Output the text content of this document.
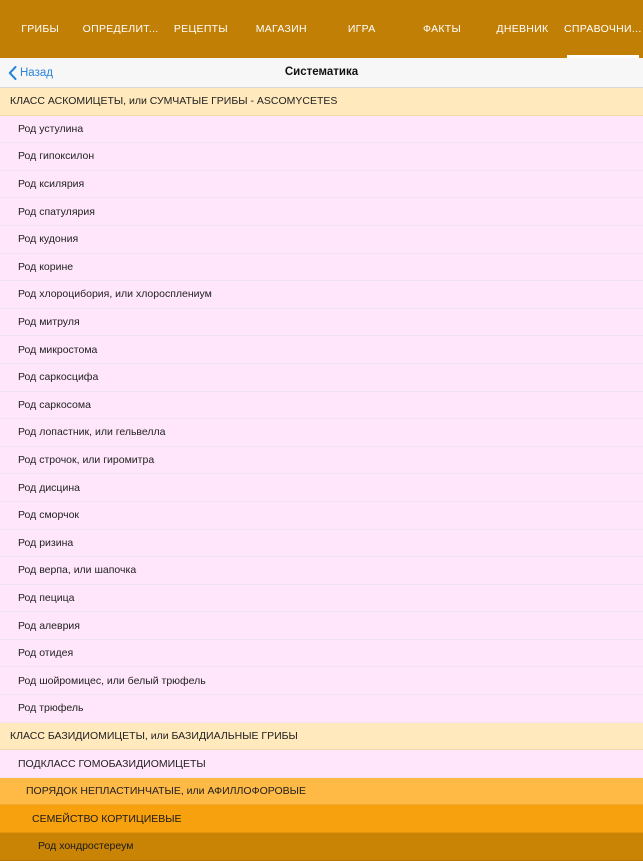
ГРИБЫ	ОПРЕДЕЛИТ...	РЕЦЕПТЫ	МАГАЗИН	ИГРА	ФАКТЫ	ДНЕВНИК	СПРАВОЧНИ...
Назад	Систематика
КЛАСС АСКОМИЦЕТЫ, или СУМЧАТЫЕ ГРИБЫ - ASCOMYCETES
Род устулина
Род гипоксилон
Род ксилярия
Род спатулярия
Род кудония
Род корине
Род хлороцибория, или хлоросплениум
Род митруля
Род микростома
Род саркосцифа
Род саркосома
Род лопастник, или гельвелла
Род строчок, или гиромитра
Род дисцина
Род сморчок
Род ризина
Род верпа, или шапочка
Род пецица
Род алеврия
Род отидея
Род шойромицес, или белый трюфель
Род трюфель
КЛАСС БАЗИДИОМИЦЕТЫ, или БАЗИДИАЛЬНЫЕ ГРИБЫ
ПОДКЛАСС ГОМОБАЗИДИОМИЦЕТЫ
ПОРЯДОК НЕПЛАСТИНЧАТЫЕ, или АФИЛЛОФОРОВЫЕ
СЕМЕЙСТВО КОРТИЦИЕВЫЕ
Род хондростереум
